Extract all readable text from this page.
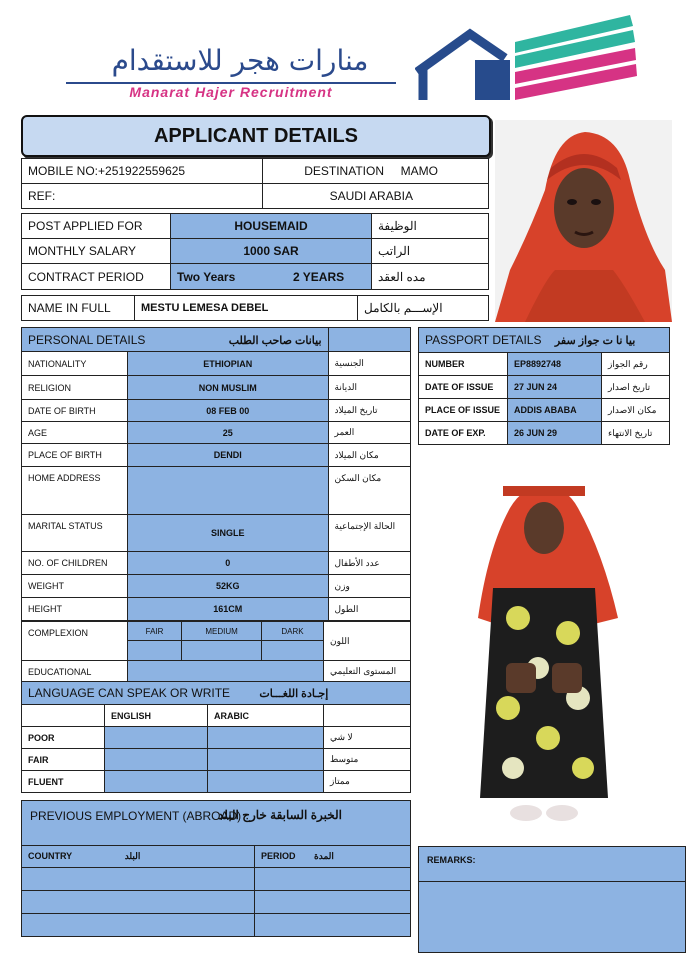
منارات هجر للاستقدام
Manarat Hajer Recruitment
APPLICANT DETAILS
MOBILE NO:+251922559625	DESTINATION MAMO
REF:	SAUDI ARABIA
POST APPLIED FOR	HOUSEMAID		الوظيفة
MONTHLY SALARY	1000 SAR		الراتب
CONTRACT PERIOD	Two Years	2 YEARS	مده العقد
NAME IN FULL	MESTU LEMESA DEBEL	الإســـم بالكامل
PERSONAL DETAILS بيانات صاحب الطلب		
NATIONALITY	ETHIOPIAN	الجنسية
RELIGION	NON MUSLIM	الديانة
DATE OF BIRTH	08 FEB 00	تاريخ الميلاد
AGE	25	العمر
PLACE OF BIRTH	DENDI	مكان الميلاد
HOME ADDRESS		مكان السكن
MARITAL STATUS	SINGLE	الحالة الإجتماعية
NO. OF CHILDREN	0	عدد الأطفال
WEIGHT	52KG	وزن
HEIGHT	161CM	الطول
COMPLEXION	FAIR	MEDIUM	DARK	اللون

EDUCATIONAL				المستوى التعليمي
LANGUAGE CAN SPEAK OR WRITE إجـادة اللغـــات			
	ENGLISH	ARABIC	
POOR			لا شي
FAIR			متوسط
FLUENT			ممتاز
PREVIOUS EMPLOYMENT (ABROAD)
الخبرة السابقة خارج البلد
COUNTRY البلد	PERIOD المدة

PASSPORT DETAILS بيا نا ت جواز سفر		
NUMBER	EP8892748	رقم الجواز
DATE OF ISSUE	27 JUN 24	تاريخ اصدار
PLACE OF ISSUE	ADDIS ABABA	مكان الاصدار
DATE OF EXP.	26 JUN 29	تاريخ الانتهاء
REMARKS:
